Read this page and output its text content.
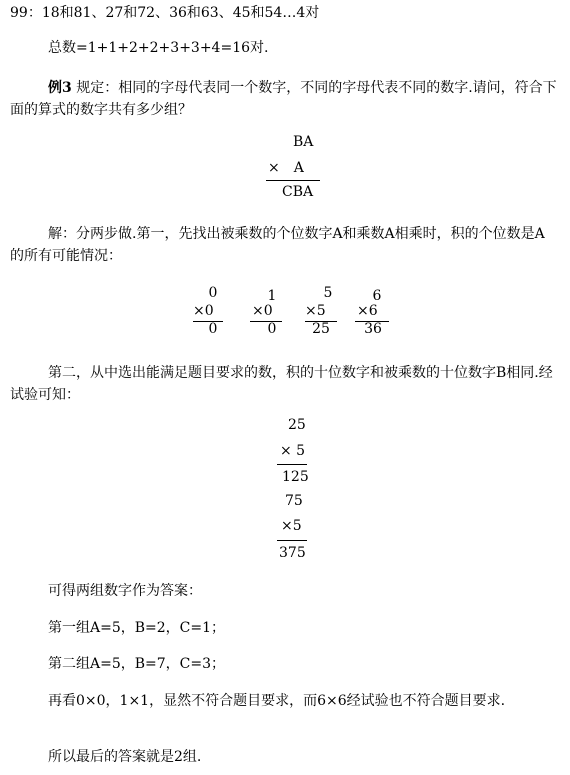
99：18和81、27和72、36和63、45和54…4对
总数=1+1+2+2+3+3+4=16对.
例3 规定：相同的字母代表同一个数字，不同的字母代表不同的数字.请问，符合下面的算式的数字共有多少组？
BA
×　A
CBA
解：分两步做.第一，先找出被乘数的个位数字A和乘数A相乘时，积的个位数是A的所有可能情况：
0
×0
0
1
×0
0
5
×5
25
6
×6
36
第二，从中选出能满足题目要求的数，积的十位数字和被乘数的十位数字B相同.经试验可知：
25
× 5
125
75
×5
375
可得两组数字作为答案：
第一组A=5，B=2，C=1；
第二组A=5，B=7，C=3；
再看0×0，1×1，显然不符合题目要求，而6×6经试验也不符合题目要求.
所以最后的答案就是2组.
